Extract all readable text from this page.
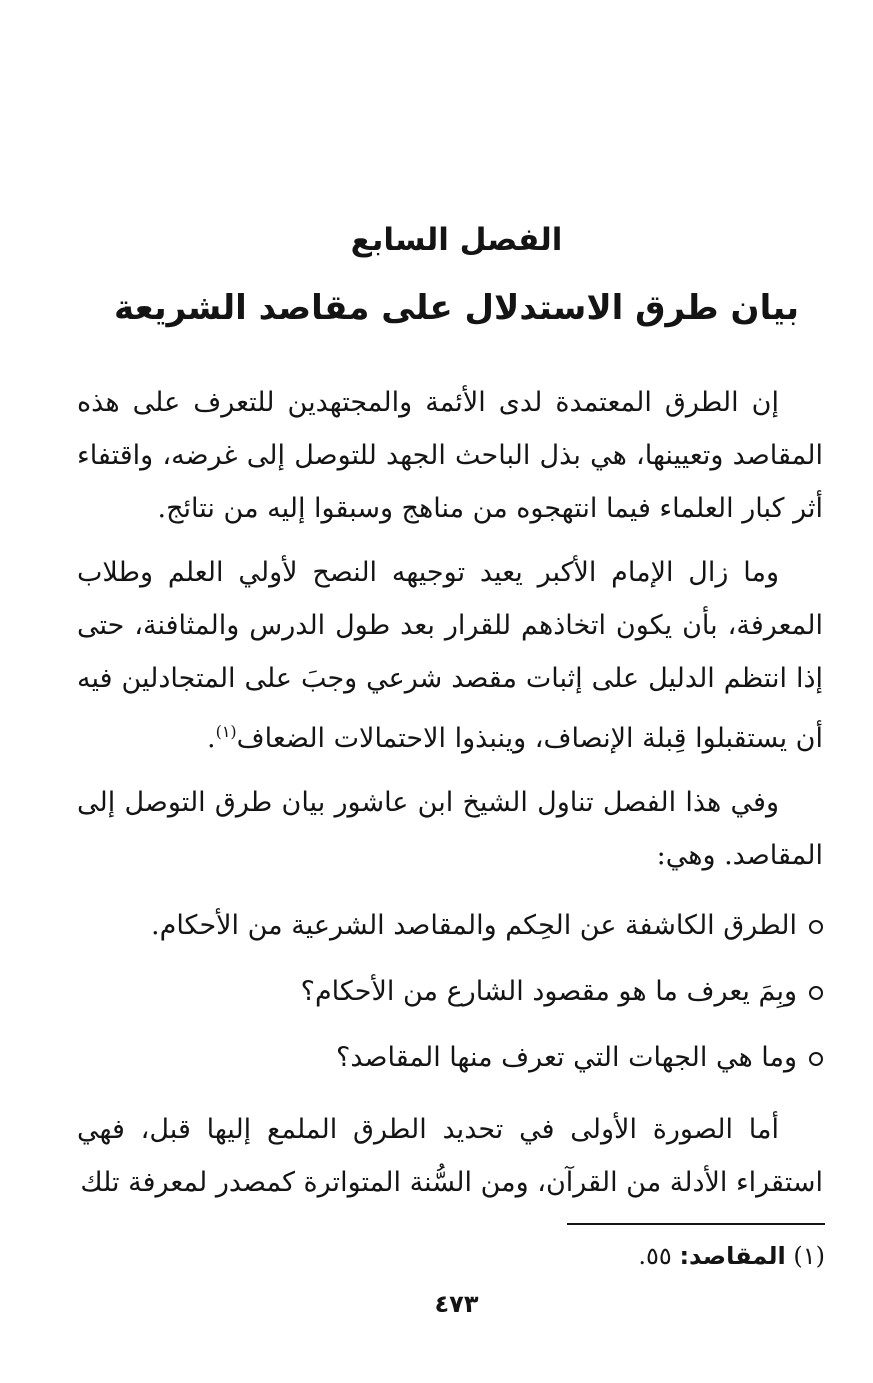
الفصل السابع
بيان طرق الاستدلال على مقاصد الشريعة

إن الطرق المعتمدة لدى الأئمة والمجتهدين للتعرف على هذه المقاصد وتعيينها، هي بذل الباحث الجهد للتوصل إلى غرضه، واقتفاء أثر كبار العلماء فيما انتهجوه من مناهج وسبقوا إليه من نتائج.

وما زال الإمام الأكبر يعيد توجيهه النصح لأولي العلم وطلاب المعرفة، بأن يكون اتخاذهم للقرار بعد طول الدرس والمثافنة، حتى إذا انتظم الدليل على إثبات مقصد شرعي وجبَ على المتجادلين فيه أن يستقبلوا قِبلة الإنصاف، وينبذوا الاحتمالات الضعاف$^{(١)}$.

وفي هذا الفصل تناول الشيخ ابن عاشور بيان طرق التوصل إلى المقاصد. وهي:

الطرق الكاشفة عن الحِكم والمقاصد الشرعية من الأحكام.
وبِمَ يعرف ما هو مقصود الشارع من الأحكام؟
وما هي الجهات التي تعرف منها المقاصد؟

أما الصورة الأولى في تحديد الطرق الملمع إليها قبل، فهي استقراء الأدلة من القرآن، ومن السُّنة المتواترة كمصدر لمعرفة تلك

(١) المقاصد: ٥٥.
٤٧٣
